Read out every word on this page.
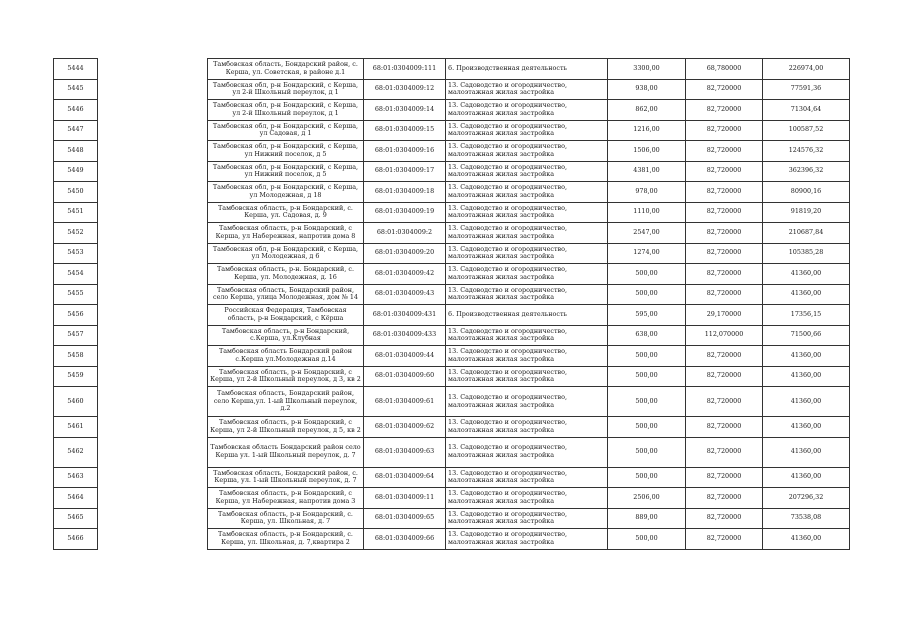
5444		Тамбовская область, Бондарский район, с. Керша, ул. Советская, в районе д.1	68:01:0304009:111	6. Производственная деятельность	3300,00	68,780000	226974,00
5445		Тамбовская обл, р-н Бондарский, с Керша, ул 2-й Школьный переулок, д 1	68:01:0304009:12	13. Садоводство и огородничество, малоэтажная жилая застройка	938,00	82,720000	77591,36
5446		Тамбовская обл, р-н Бондарский, с Керша, ул 2-й Школьный переулок, д 1	68:01:0304009:14	13. Садоводство и огородничество, малоэтажная жилая застройка	862,00	82,720000	71304,64
5447		Тамбовская обл, р-н Бондарский, с Керша, ул Садовая, д 1	68:01:0304009:15	13. Садоводство и огородничество, малоэтажная жилая застройка	1216,00	82,720000	100587,52
5448		Тамбовская обл, р-н Бондарский, с Керша, ул Нижний поселок, д 5	68:01:0304009:16	13. Садоводство и огородничество, малоэтажная жилая застройка	1506,00	82,720000	124576,32
5449		Тамбовская обл, р-н Бондарский, с Керша, ул Нижний поселок, д 5	68:01:0304009:17	13. Садоводство и огородничество, малоэтажная жилая застройка	4381,00	82,720000	362396,32
5450		Тамбовская обл, р-н Бондарский, с Керша, ул Молодежная, д 18	68:01:0304009:18	13. Садоводство и огородничество, малоэтажная жилая застройка	978,00	82,720000	80900,16
5451		Тамбовская область, р-н Бондарский, с. Керша, ул. Садовая, д. 9	68:01:0304009:19	13. Садоводство и огородничество, малоэтажная жилая застройка	1110,00	82,720000	91819,20
5452		Тамбовская область, р-н Бондарский, с Керша, ул Набережная, напротив дома 8	68:01:0304009:2	13. Садоводство и огородничество, малоэтажная жилая застройка	2547,00	82,720000	210687,84
5453		Тамбовская обл, р-н Бондарский, с Керша, ул Молодежная, д 6	68:01:0304009:20	13. Садоводство и огородничество, малоэтажная жилая застройка	1274,00	82,720000	105385,28
5454		Тамбовская область, р-н. Бондарский, с. Керша, ул. Молодежная, д. 16	68:01:0304009:42	13. Садоводство и огородничество, малоэтажная жилая застройка	500,00	82,720000	41360,00
5455		Тамбовская область, Бондарский район, село Керша, улица Молодежная, дом № 14	68:01:0304009:43	13. Садоводство и огородничество, малоэтажная жилая застройка	500,00	82,720000	41360,00
5456		Российская Федерация, Тамбовская область, р-н Бондарский, с Кёрша	68:01:0304009:431	6. Производственная деятельность	595,00	29,170000	17356,15
5457		Тамбовская область, р-н Бондарский, с.Керша, ул.Клубная	68:01:0304009:433	13. Садоводство и огородничество, малоэтажная жилая застройка	638,00	112,070000	71500,66
5458		Тамбовская область Бондарский район с.Керша ул.Молодежная д.14	68:01:0304009:44	13. Садоводство и огородничество, малоэтажная жилая застройка	500,00	82,720000	41360,00
5459		Тамбовская область, р-н Бондарский, с Керша, ул 2-й Школьный переулок, д 3, кв 2	68:01:0304009:60	13. Садоводство и огородничество, малоэтажная жилая застройка	500,00	82,720000	41360,00
5460		Тамбовская область, Бондарский район, село Керша,ул. 1-ый Школьный переулок, д.2	68:01:0304009:61	13. Садоводство и огородничество, малоэтажная жилая застройка	500,00	82,720000	41360,00
5461		Тамбовская область, р-н Бондарский, с Керша, ул 2-й Школьный переулок, д 5, кв 2	68:01:0304009:62	13. Садоводство и огородничество, малоэтажная жилая застройка	500,00	82,720000	41360,00
5462		Тамбовская область Бондарский район село Керша ул. 1-ый Школьный переулок, д. 7	68:01:0304009:63	13. Садоводство и огородничество, малоэтажная жилая застройка	500,00	82,720000	41360,00
5463		Тамбовская область, Бондарский район, с. Керша, ул. 1-ый Школьный переулок, д. 7	68:01:0304009:64	13. Садоводство и огородничество, малоэтажная жилая застройка	500,00	82,720000	41360,00
5464		Тамбовская область, р-н Бондарский, с Керша, ул Набережная, напротив дома 3	68:01:0304009:11	13. Садоводство и огородничество, малоэтажная жилая застройка	2506,00	82,720000	207296,32
5465		Тамбовская область, р-н Бондарский, с. Керша, ул. Школьная, д. 7	68:01:0304009:65	13. Садоводство и огородничество, малоэтажная жилая застройка	889,00	82,720000	73538,08
5466		Тамбовская область, р-н Бондарский, с. Керша, ул. Школьная, д. 7,квартира 2	68:01:0304009:66	13. Садоводство и огородничество, малоэтажная жилая застройка	500,00	82,720000	41360,00
